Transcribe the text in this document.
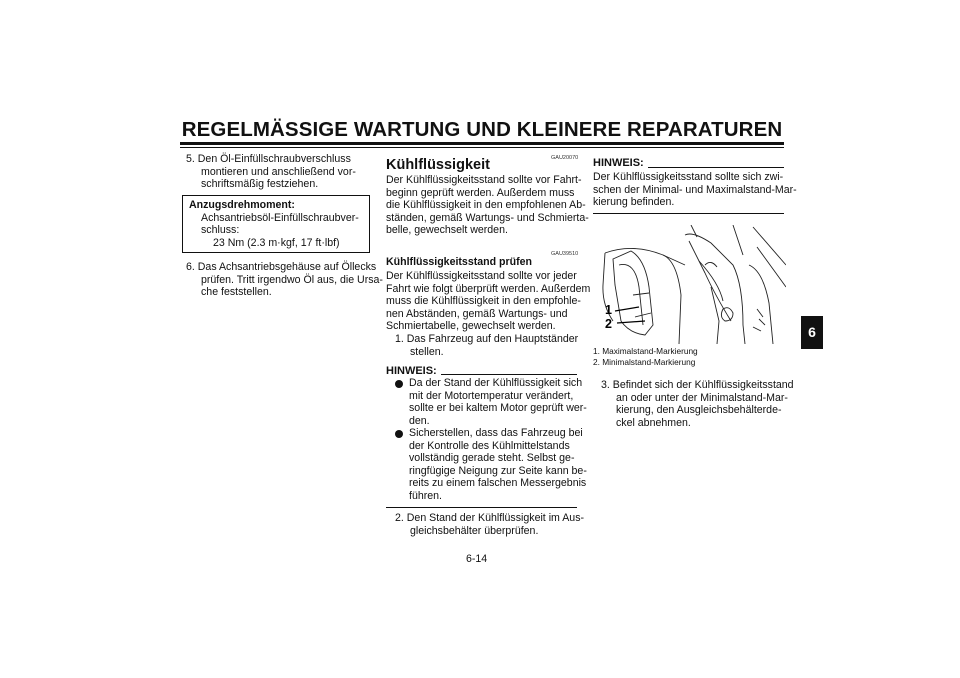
REGELMÄSSIGE WARTUNG UND KLEINERE REPARATUREN
5. Den Öl-Einfüllschraubverschluss
montieren und anschließend vor-
schriftsmäßig festziehen.
Anzugsdrehmoment:
Achsantriebsöl-Einfüllschraubver-
schluss:
23 Nm (2.3 m·kgf, 17 ft·lbf)
6. Das Achsantriebsgehäuse auf Öllecks
prüfen. Tritt irgendwo Öl aus, die Ursa-
che feststellen.
GAU20070
Kühlflüssigkeit
Der Kühlflüssigkeitsstand sollte vor Fahrt-
beginn geprüft werden. Außerdem muss
die Kühlflüssigkeit in den empfohlenen Ab-
ständen, gemäß Wartungs- und Schmierta-
belle, gewechselt werden.
GAU39510
Kühlflüssigkeitsstand prüfen
Der Kühlflüssigkeitsstand sollte vor jeder
Fahrt wie folgt überprüft werden. Außerdem
muss die Kühlflüssigkeit in den empfohle-
nen Abständen, gemäß Wartungs- und
Schmiertabelle, gewechselt werden.
1. Das Fahrzeug auf den Hauptständer
stellen.
HINWEIS:
Da der Stand der Kühlflüssigkeit sich
mit der Motortemperatur verändert,
sollte er bei kaltem Motor geprüft wer-
den.
Sicherstellen, dass das Fahrzeug bei
der Kontrolle des Kühlmittelstands
vollständig gerade steht. Selbst ge-
ringfügige Neigung zur Seite kann be-
reits zu einem falschen Messergebnis
führen.
2. Den Stand der Kühlflüssigkeit im Aus-
gleichsbehälter überprüfen.
HINWEIS:
Der Kühlflüssigkeitsstand sollte sich zwi-
schen der Minimal- und Maximalstand-Mar-
kierung befinden.
1
2
1. Maximalstand-Markierung
2. Minimalstand-Markierung
3. Befindet sich der Kühlflüssigkeitsstand
an oder unter der Minimalstand-Mar-
kierung, den Ausgleichsbehälterde-
ckel abnehmen.
6
6-14
